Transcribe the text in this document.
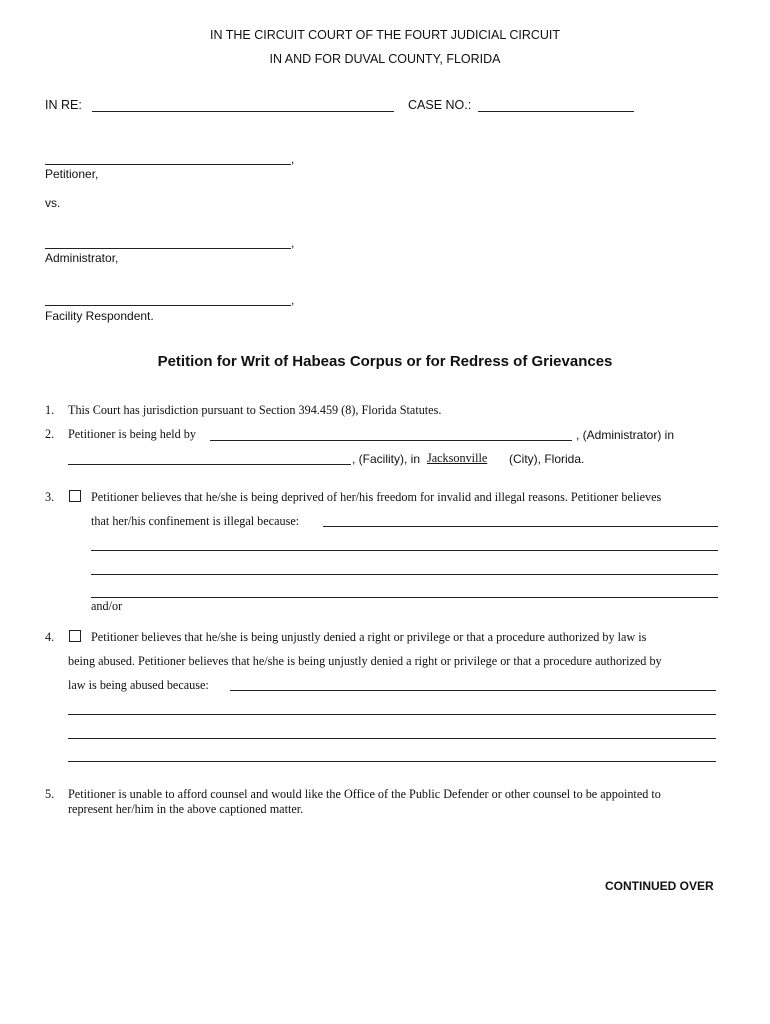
IN THE CIRCUIT COURT OF THE FOURT JUDICIAL CIRCUIT
IN AND FOR DUVAL COUNTY, FLORIDA
IN RE:	CASE NO.:
,
Petitioner,
vs.
,
Administrator,
,
Facility Respondent.
Petition for Writ of Habeas Corpus or for Redress of Grievances
1. This Court has jurisdiction pursuant to Section 394.459 (8), Florida Statutes.
2. Petitioner is being held by	, (Administrator) in
, (Facility), in Jacksonville (City), Florida.
3.	Petitioner believes that he/she is being deprived of her/his freedom for invalid and illegal reasons. Petitioner believes
that her/his confinement is illegal because:
and/or
4.	Petitioner believes that he/she is being unjustly denied a right or privilege or that a procedure authorized by law is
being abused. Petitioner believes that he/she is being unjustly denied a right or privilege or that a procedure authorized by
law is being abused because:
5. Petitioner is unable to afford counsel and would like the Office of the Public Defender or other counsel to be appointed to
represent her/him in the above captioned matter.
CONTINUED OVER
